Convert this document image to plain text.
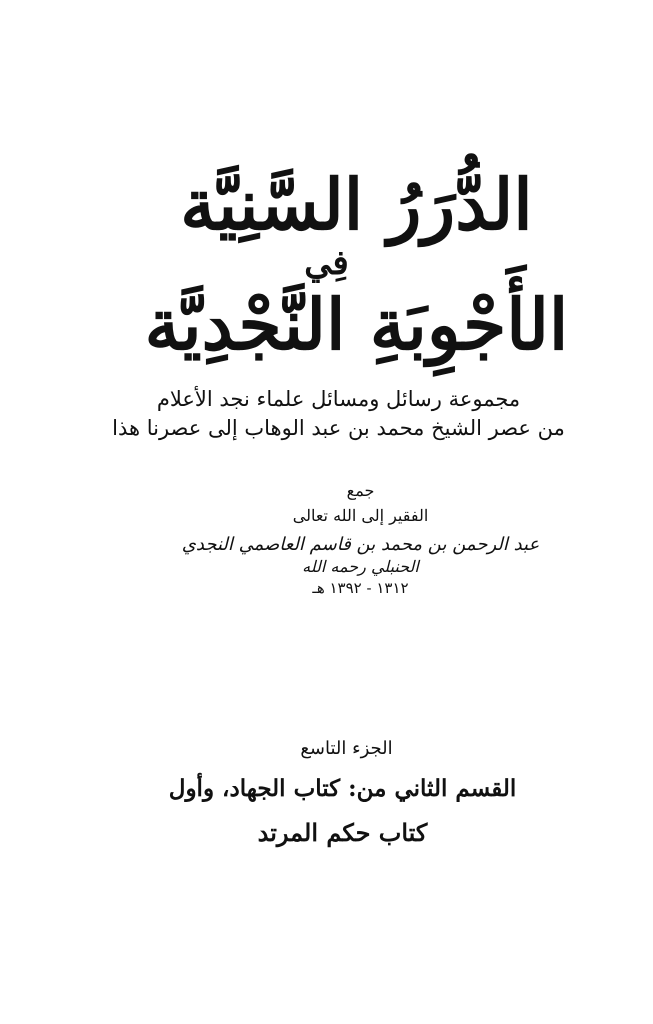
الدُّرَرُ السَّنِيَّة
فِي
الأَجْوِبَةِ النَّجْدِيَّة
مجموعة رسائل ومسائل علماء نجد الأعلام
من عصر الشيخ محمد بن عبد الوهاب إلى عصرنا هذا
جمع
الفقير إلى الله تعالى
عبد الرحمن بن محمد بن قاسم العاصمي النجدي
الحنبلي رحمه الله
١٣١٢ - ١٣٩٢ هـ
الجزء التاسع
القسم الثاني من: كتاب الجهاد، وأول
كتاب حكم المرتد
